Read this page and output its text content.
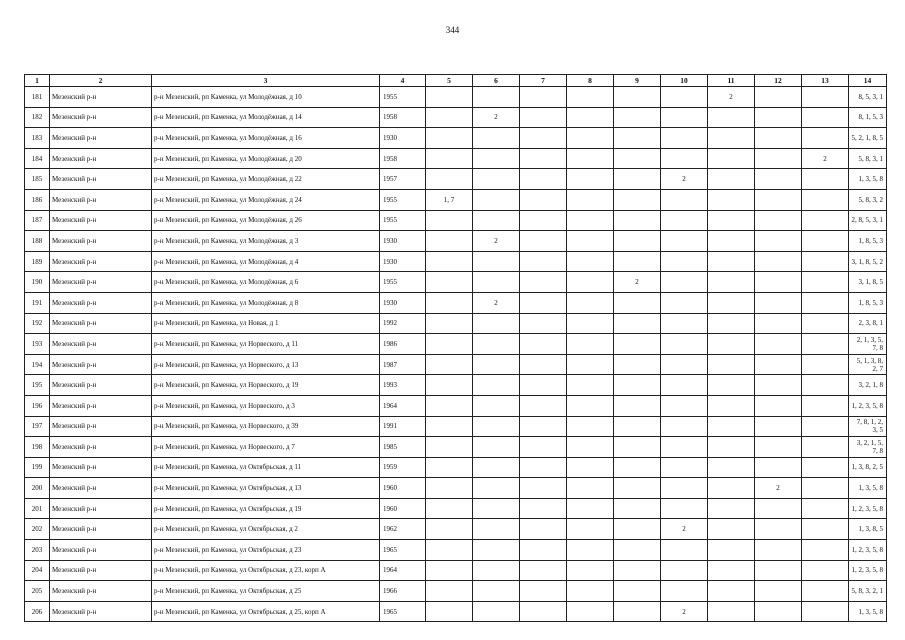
344
1	2	3	4	5	6	7	8	9	10	11	12	13	14
181	Мезенский р-н	р-н Мезенский, рп Каменка, ул Молодёжная, д 10	1955							2			8, 5, 3, 1
182	Мезенский р-н	р-н Мезенский, рп Каменка, ул Молодёжная, д 14	1958		2								8, 1, 5, 3
183	Мезенский р-н	р-н Мезенский, рп Каменка, ул Молодёжная, д 16	1930										5, 2, 1, 8, 5
184	Мезенский р-н	р-н Мезенский, рп Каменка, ул Молодёжная, д 20	1958									2	5, 8, 3, 1
185	Мезенский р-н	р-н Мезенский, рп Каменка, ул Молодёжная, д 22	1957						2				1, 3, 5, 8
186	Мезенский р-н	р-н Мезенский, рп Каменка, ул Молодёжная, д 24	1955	1, 7									5, 8, 3, 2
187	Мезенский р-н	р-н Мезенский, рп Каменка, ул Молодёжная, д 26	1955										2, 8, 5, 3, 1
188	Мезенский р-н	р-н Мезенский, рп Каменка, ул Молодёжная, д 3	1930		2								1, 8, 5, 3
189	Мезенский р-н	р-н Мезенский, рп Каменка, ул Молодёжная, д 4	1930										3, 1, 8, 5, 2
190	Мезенский р-н	р-н Мезенский, рп Каменка, ул Молодёжная, д 6	1955					2					3, 1, 8, 5
191	Мезенский р-н	р-н Мезенский, рп Каменка, ул Молодёжная, д 8	1930		2								1, 8, 5, 3
192	Мезенский р-н	р-н Мезенский, рп Каменка, ул Новая, д 1	1992										2, 3, 8, 1
193	Мезенский р-н	р-н Мезенский, рп Каменка, ул Норвеского, д 11	1986										2, 1, 3, 5, 7, 8
194	Мезенский р-н	р-н Мезенский, рп Каменка, ул Норвеского, д 13	1987										5, 1, 3, 8, 2, 7
195	Мезенский р-н	р-н Мезенский, рп Каменка, ул Норвеского, д 19	1993										3, 2, 1, 8
196	Мезенский р-н	р-н Мезенский, рп Каменка, ул Норвеского, д 3	1964										1, 2, 3, 5, 8
197	Мезенский р-н	р-н Мезенский, рп Каменка, ул Норвеского, д 39	1991										7, 8, 1, 2, 3, 5
198	Мезенский р-н	р-н Мезенский, рп Каменка, ул Норвеского, д 7	1985										3, 2, 1, 5, 7, 8
199	Мезенский р-н	р-н Мезенский, рп Каменка, ул Октябрьская, д 11	1959										1, 3, 8, 2, 5
200	Мезенский р-н	р-н Мезенский, рп Каменка, ул Октябрьская, д 13	1960								2		1, 3, 5, 8
201	Мезенский р-н	р-н Мезенский, рп Каменка, ул Октябрьская, д 19	1960										1, 2, 3, 5, 8
202	Мезенский р-н	р-н Мезенский, рп Каменка, ул Октябрьская, д 2	1962						2				1, 3, 8, 5
203	Мезенский р-н	р-н Мезенский, рп Каменка, ул Октябрьская, д 23	1965										1, 2, 3, 5, 8
204	Мезенский р-н	р-н Мезенский, рп Каменка, ул Октябрьская, д 23, корп А	1964										1, 2, 3, 5, 8
205	Мезенский р-н	р-н Мезенский, рп Каменка, ул Октябрьская, д 25	1966										5, 8, 3, 2, 1
206	Мезенский р-н	р-н Мезенский, рп Каменка, ул Октябрьская, д 25, корп А	1965						2				1, 3, 5, 8
